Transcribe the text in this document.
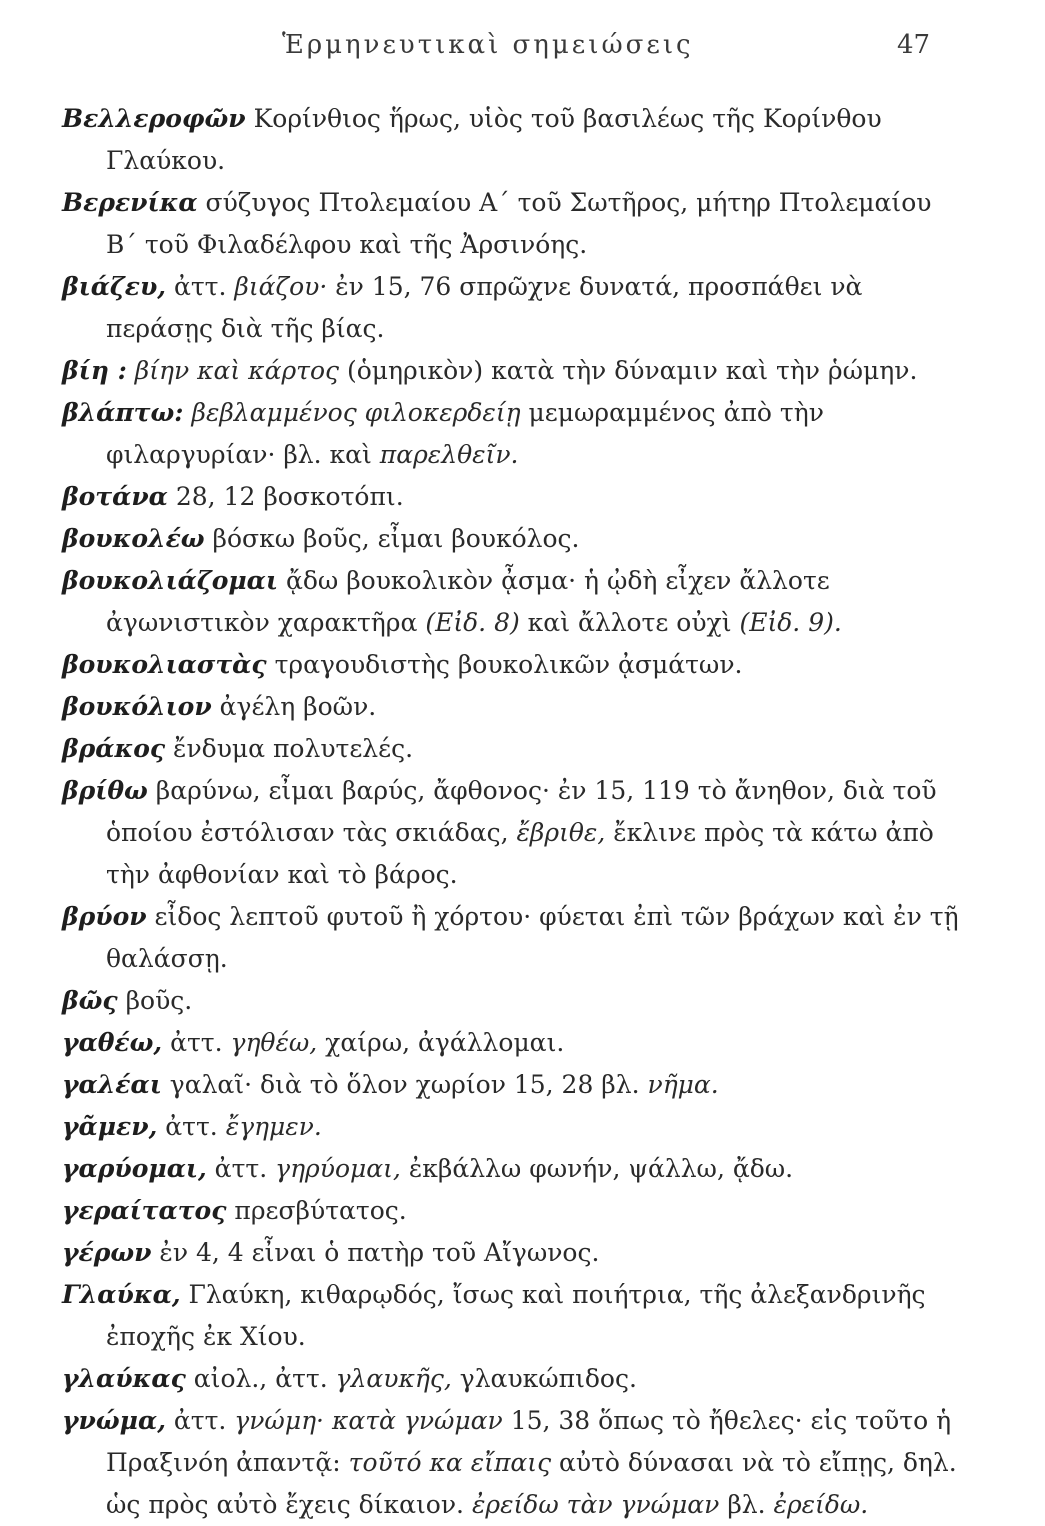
Ἑρμηνευτικαὶ σημειώσεις	47

Βελλεροφῶν Κορίνθιος ἥρως, υἱὸς τοῦ βασιλέως τῆς Κορίνθου Γλαύκου.

Βερενίκα σύζυγος Πτολεμαίου Α΄ τοῦ Σωτῆρος, μήτηρ Πτολεμαίου Β΄ τοῦ Φιλαδέλφου καὶ τῆς Ἀρσινόης.

βιάζευ, ἀττ. βιάζου· ἐν 15, 76 σπρῶχνε δυνατά, προσπάθει νὰ περάσῃς διὰ τῆς βίας.

βίη : βίην καὶ κάρτος (ὁμηρικὸν) κατὰ τὴν δύναμιν καὶ τὴν ῥώμην.

βλάπτω: βεβλαμμένος φιλοκερδείῃ μεμωραμμένος ἀπὸ τὴν φιλαργυρίαν· βλ. καὶ παρελθεῖν.

βοτάνα 28, 12 βοσκοτόπι.

βουκολέω βόσκω βοῦς, εἶμαι βουκόλος.

βουκολιάζομαι ᾄδω βουκολικὸν ᾆσμα· ἡ ᾠδὴ εἶχεν ἄλλοτε ἀγωνιστικὸν χαρακτῆρα (Εἰδ. 8) καὶ ἄλλοτε οὐχὶ (Εἰδ. 9).

βουκολιαστὰς τραγουδιστὴς βουκολικῶν ᾀσμάτων.

βουκόλιον ἀγέλη βοῶν.

βράκος ἔνδυμα πολυτελές.

βρίθω βαρύνω, εἶμαι βαρύς, ἄφθονος· ἐν 15, 119 τὸ ἄνηθον, διὰ τοῦ ὁποίου ἐστόλισαν τὰς σκιάδας, ἔβριθε, ἔκλινε πρὸς τὰ κάτω ἀπὸ τὴν ἀφθονίαν καὶ τὸ βάρος.

βρύον εἶδος λεπτοῦ φυτοῦ ἢ χόρτου· φύεται ἐπὶ τῶν βράχων καὶ ἐν τῇ θαλάσσῃ.

βῶς βοῦς.

γαθέω, ἀττ. γηθέω, χαίρω, ἀγάλλομαι.

γαλέαι γαλαῖ· διὰ τὸ ὅλον χωρίον 15, 28 βλ. νῆμα.

γᾶμεν, ἀττ. ἔγημεν.

γαρύομαι, ἀττ. γηρύομαι, ἐκβάλλω φωνήν, ψάλλω, ᾄδω.

γεραίτατος πρεσβύτατος.

γέρων ἐν 4, 4 εἶναι ὁ πατὴρ τοῦ Αἴγωνος.

Γλαύκα, Γλαύκη, κιθαρῳδός, ἴσως καὶ ποιήτρια, τῆς ἀλεξανδρινῆς ἐποχῆς ἐκ Χίου.

γλαύκας αἰολ., ἀττ. γλαυκῆς, γλαυκώπιδος.

γνώμα, ἀττ. γνώμη· κατὰ γνώμαν 15, 38 ὅπως τὸ ἤθελες· εἰς τοῦτο ἡ Πραξινόη ἀπαντᾷ: τοῦτό κα εἴπαις αὐτὸ δύνασαι νὰ τὸ εἴπῃς, δηλ. ὡς πρὸς αὐτὸ ἔχεις δίκαιον. ἐρείδω τὰν γνώμαν βλ. ἐρείδω.
